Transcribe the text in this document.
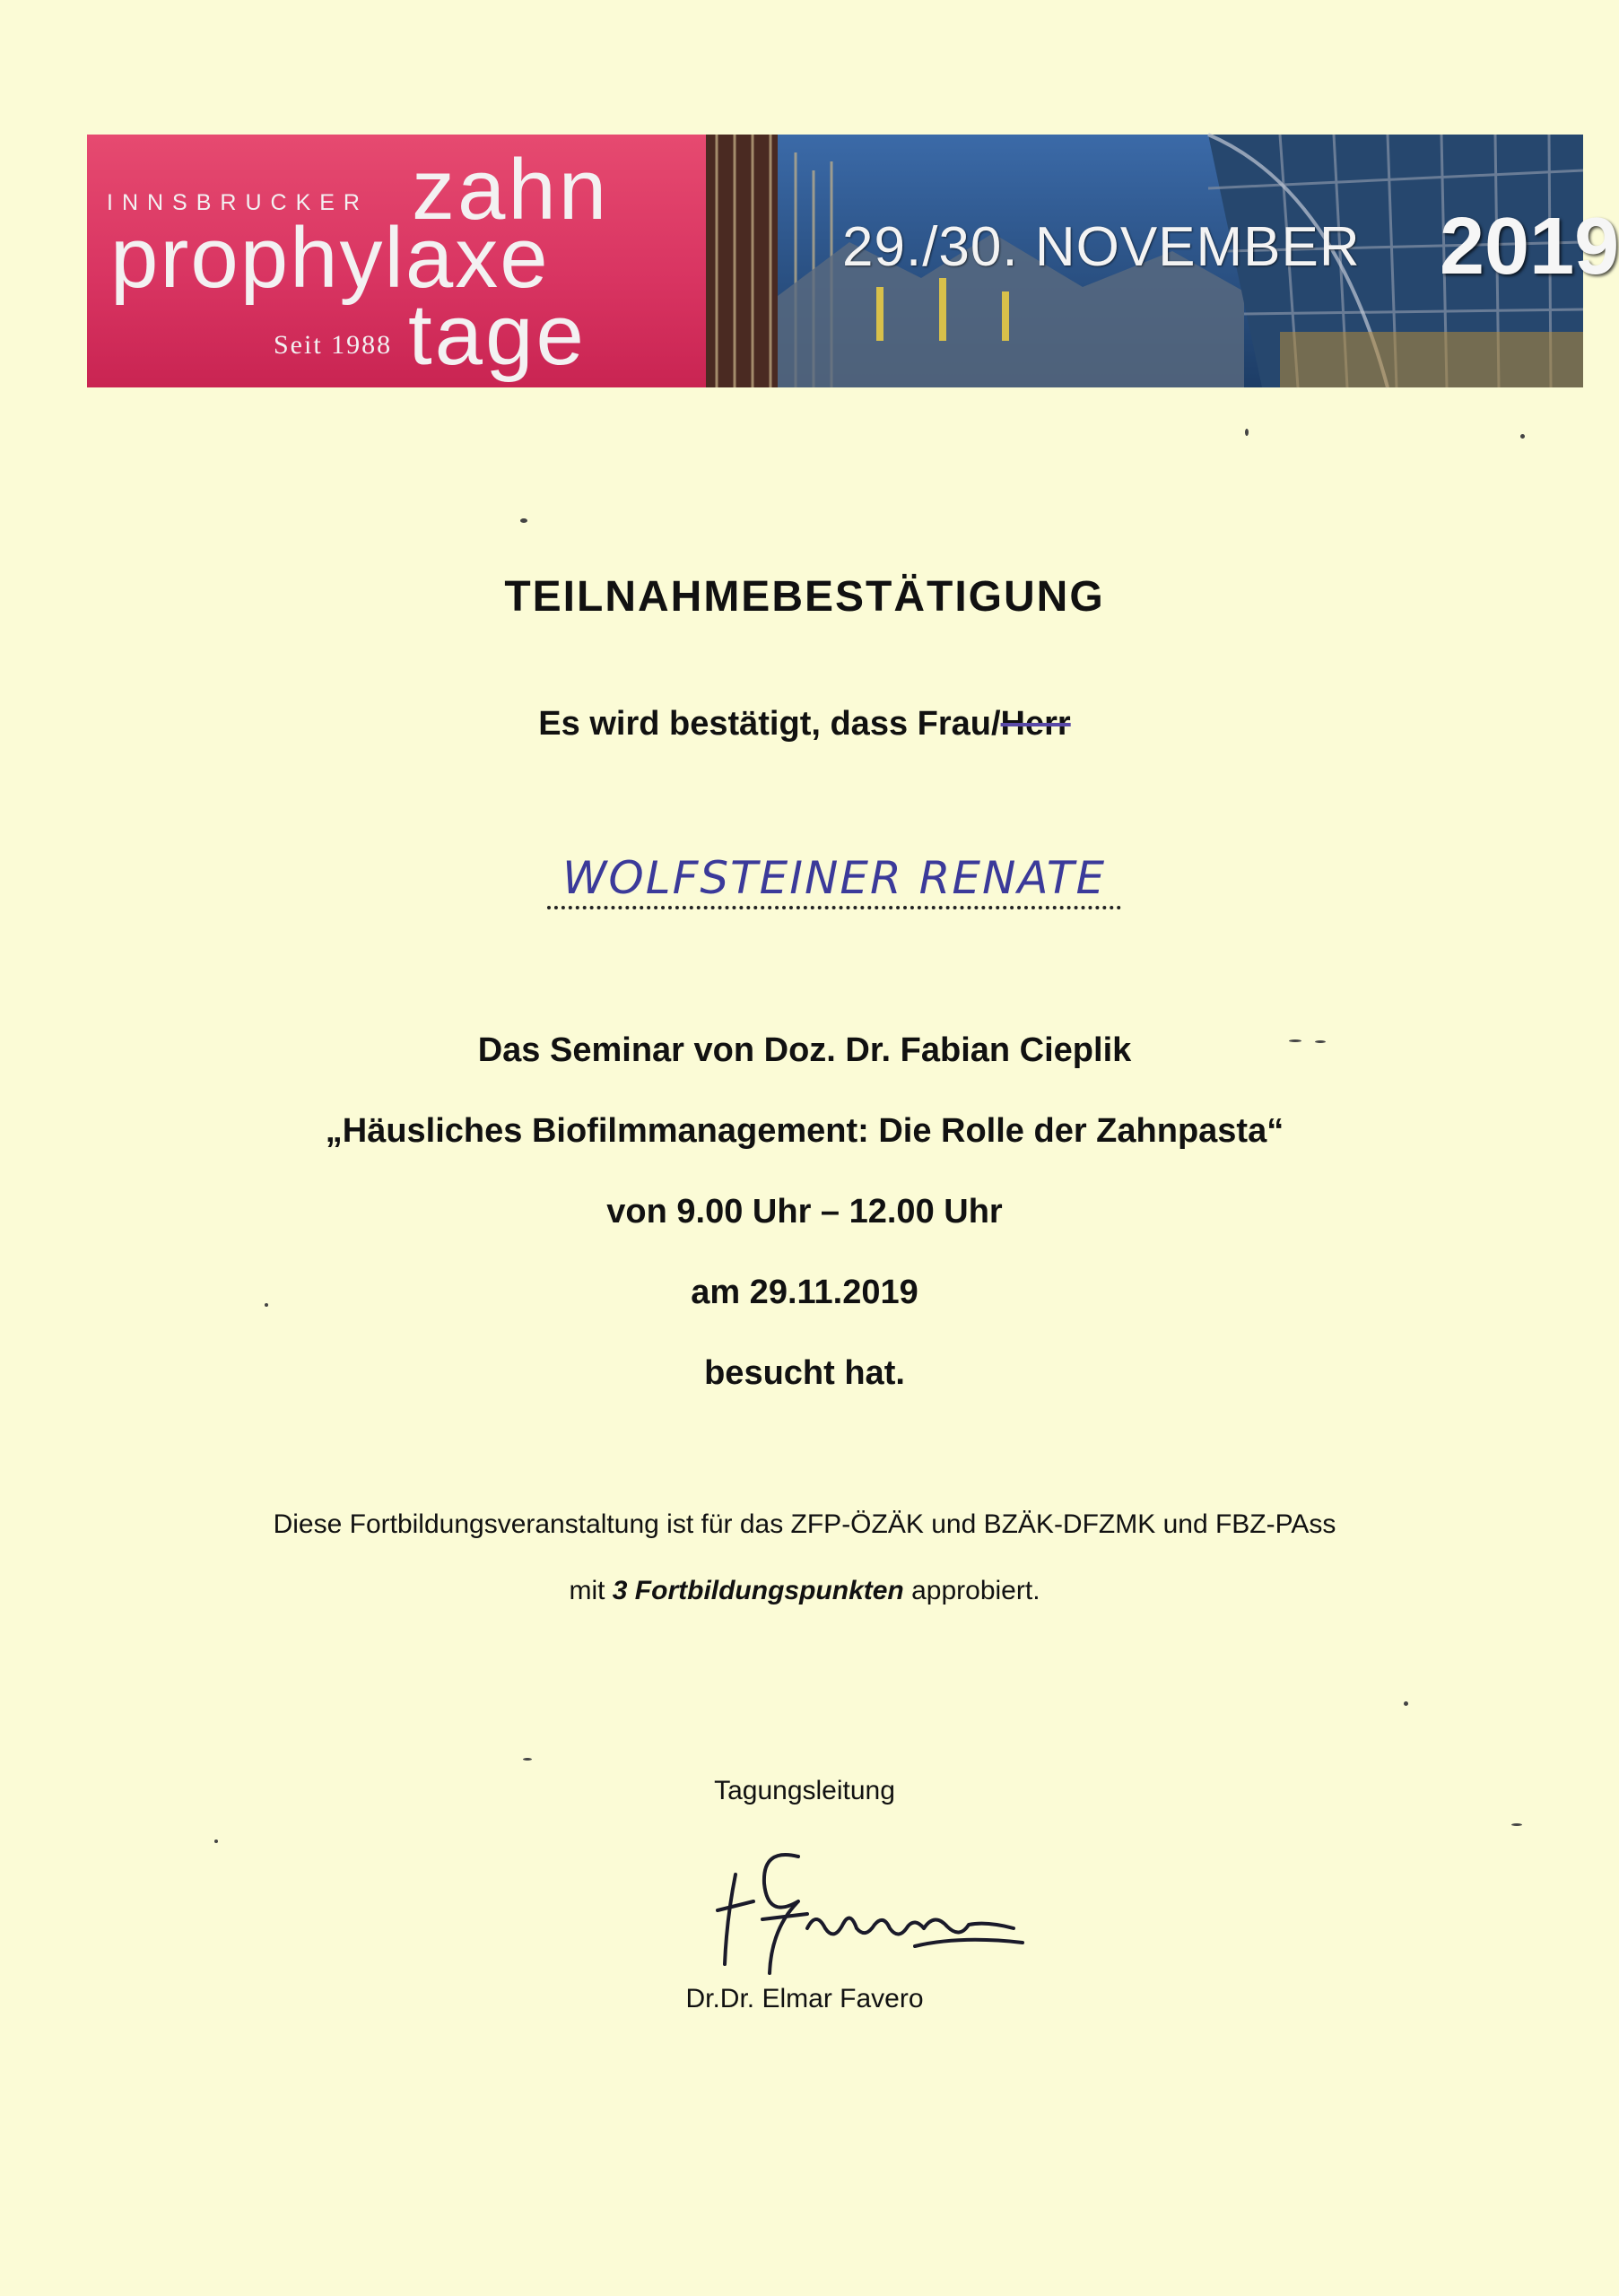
INNSBRUCKER zahn
prophylaxe
Seit 1988 tage
29./30. NOVEMBER 2019
TEILNAHMEBESTÄTIGUNG
Es wird bestätigt, dass Frau/Herr
WOLFSTEINER RENATE
Das Seminar von Doz. Dr. Fabian Cieplik
„Häusliches Biofilmmanagement: Die Rolle der Zahnpasta“
von 9.00 Uhr – 12.00 Uhr
am 29.11.2019
besucht hat.
Diese Fortbildungsveranstaltung ist für das ZFP-ÖZÄK und BZÄK-DFZMK und FBZ-PAss
mit 3 Fortbildungspunkten approbiert.
Tagungsleitung
Dr.Dr. Elmar Favero
